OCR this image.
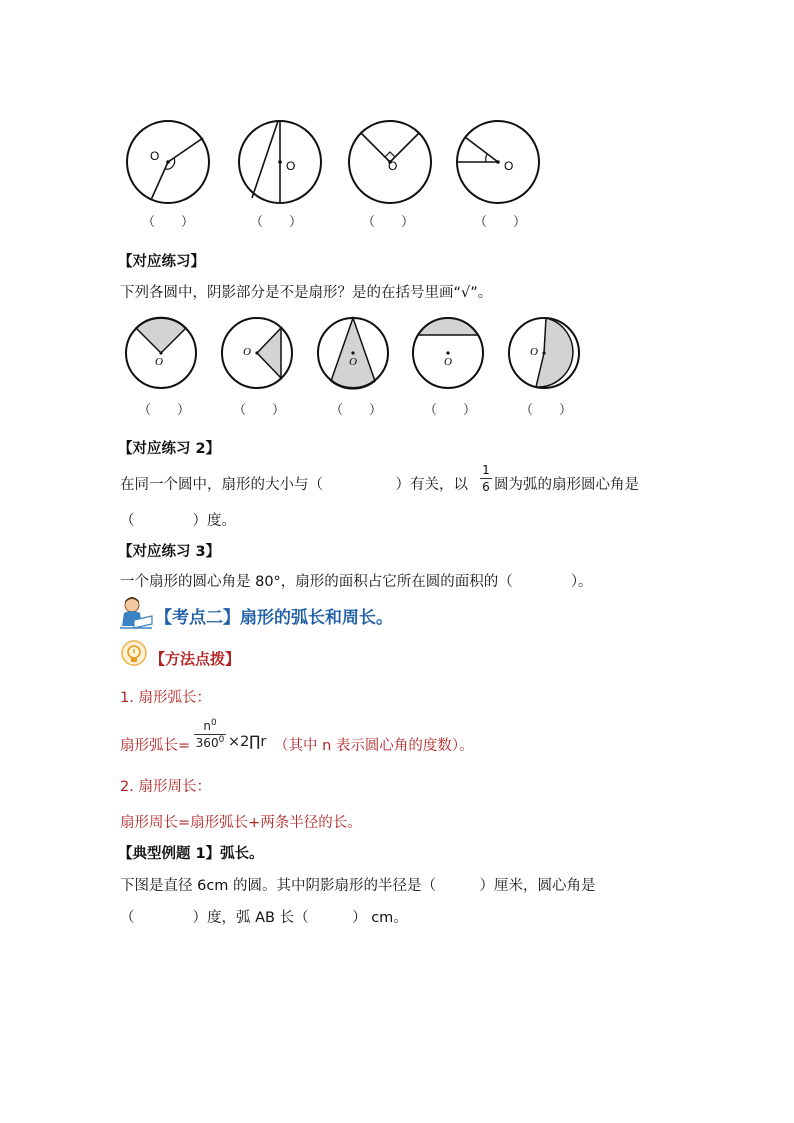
O
O	O	O
（　　）	（　　）	（　　）	（　　）
【对应练习】
下列各圆中，阴影部分是不是扇形？是的在括号里画“√”。
O
O
O	O
O
（　　）	（　　）	（　　）	（　　）	（　　）
【对应练习 2】
在同一个圆中，扇形的大小与（　　　　　	）有关，以
1
6 圆为弧的扇形圆心角是
（　　　　	）度。
【对应练习 3】
一个扇形的圆心角是 80°，扇形的面积占它所在圆的面积的（　　　　	）。
【考点二】扇形的弧长和周长。
【方法点拨】
1. 扇形弧长：
扇形弧长=
$n^0$
$360^0$ ×2∏r （其中 n 表示圆心角的度数）。
2. 扇形周长：
扇形周长=扇形弧长+两条半径的长。
【典型例题 1】弧长。
下图是直径 6cm 的圆。其中阴影扇形的半径是（　　　	）厘米，圆心角是
（　　　　	）度，弧 AB 长（　　　	） cm。
